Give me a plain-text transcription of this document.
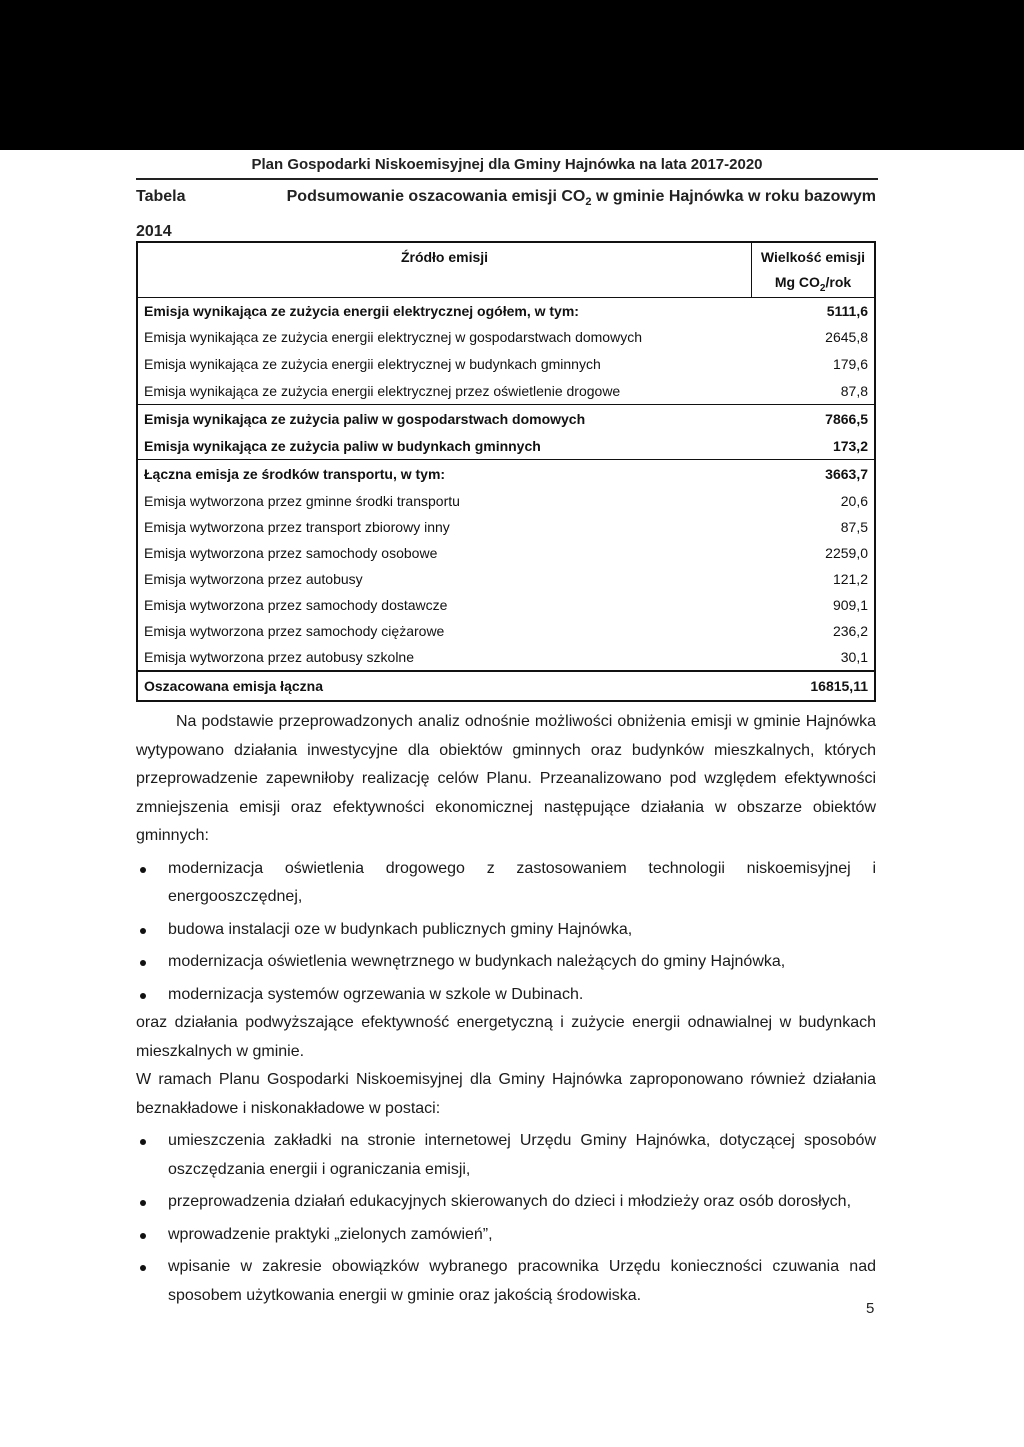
Plan Gospodarki Niskoemisyjnej dla Gminy Hajnówka na lata 2017-2020
Tabela	Podsumowanie oszacowania emisji $CO_2$ w gminie Hajnówka w roku bazowym
2014
Źródło emisji	Wielkość emisji
	Mg $CO_2$/rok
Emisja wynikająca ze zużycia energii elektrycznej ogółem, w tym:	5111,6
Emisja wynikająca ze zużycia energii elektrycznej w gospodarstwach domowych	2645,8
Emisja wynikająca ze zużycia energii elektrycznej w budynkach gminnych	179,6
Emisja wynikająca ze zużycia energii elektrycznej przez oświetlenie drogowe	87,8
Emisja wynikająca ze zużycia paliw w gospodarstwach domowych	7866,5
Emisja wynikająca ze zużycia paliw w budynkach gminnych	173,2
Łączna emisja ze środków transportu, w tym:	3663,7
Emisja wytworzona przez gminne środki transportu	20,6
Emisja wytworzona przez transport zbiorowy inny	87,5
Emisja wytworzona przez samochody osobowe	2259,0
Emisja wytworzona przez autobusy	121,2
Emisja wytworzona przez samochody dostawcze	909,1
Emisja wytworzona przez samochody ciężarowe	236,2
Emisja wytworzona przez autobusy szkolne	30,1
Oszacowana emisja łączna	16815,11

Na podstawie przeprowadzonych analiz odnośnie możliwości obniżenia emisji w gminie Hajnówka wytypowano działania inwestycyjne dla obiektów gminnych oraz budynków mieszkalnych, których przeprowadzenie zapewniłoby realizację celów Planu. Przeanalizowano pod względem efektywności zmniejszenia emisji oraz efektywności ekonomicznej następujące działania w obszarze obiektów gminnych:

modernizacja oświetlenia drogowego z zastosowaniem technologii niskoemisyjnej i energooszczędnej,
budowa instalacji oze w budynkach publicznych gminy Hajnówka,
modernizacja oświetlenia wewnętrznego w budynkach należących do gminy Hajnówka,
modernizacja systemów ogrzewania w szkole w Dubinach.

oraz działania podwyższające efektywność energetyczną i zużycie energii odnawialnej w budynkach mieszkalnych w gminie.

W ramach Planu Gospodarki Niskoemisyjnej dla Gminy Hajnówka zaproponowano również działania beznakładowe i niskonakładowe w postaci:

umieszczenia zakładki na stronie internetowej Urzędu Gminy Hajnówka, dotyczącej sposobów oszczędzania energii i ograniczania emisji,
przeprowadzenia działań edukacyjnych skierowanych do dzieci i młodzieży oraz osób dorosłych,
wprowadzenie praktyki „zielonych zamówień”,
wpisanie w zakresie obowiązków wybranego pracownika Urzędu konieczności czuwania nad sposobem użytkowania energii w gminie oraz jakością środowiska.
5
